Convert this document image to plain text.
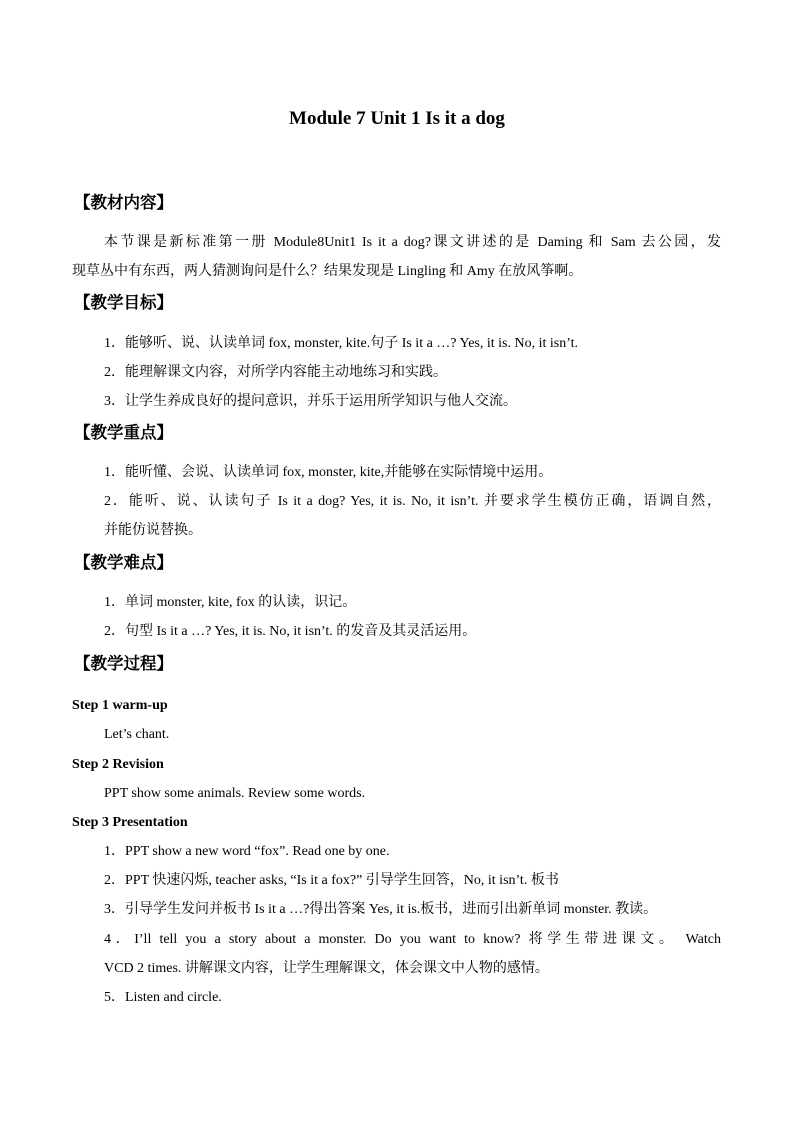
Module 7 Unit 1 Is it a dog
【教材内容】
本节课是新标准第一册 Module8Unit1 Is it a dog?课文讲述的是 Daming 和 Sam 去公园，发
现草丛中有东西，两人猜测询问是什么？结果发现是 Lingling 和 Amy 在放风筝啊。
【教学目标】
1．能够听、说、认读单词 fox, monster, kite.句子 Is it a …? Yes, it is. No, it isn’t.
2．能理解课文内容，对所学内容能主动地练习和实践。
3．让学生养成良好的提问意识，并乐于运用所学知识与他人交流。
【教学重点】
1．能听懂、会说、认读单词 fox, monster, kite,并能够在实际情境中运用。
2．能听、说、认读句子 Is it a dog? Yes, it is. No, it isn’t. 并要求学生模仿正确，语调自然，
并能仿说替换。
【教学难点】
1．单词 monster, kite, fox 的认读，识记。
2．句型 Is it a …? Yes, it is. No, it isn’t. 的发音及其灵活运用。
【教学过程】
Step 1 warm-up
Let’s chant.
Step 2 Revision
PPT show some animals. Review some words.
Step 3 Presentation
1．PPT show a new word “fox”. Read one by one.
2．PPT 快速闪烁, teacher asks, “Is it a fox?” 引导学生回答，No, it isn’t. 板书
3．引导学生发问并板书 Is it a …?得出答案 Yes, it is.板书，进而引出新单词 monster. 教读。
4．I’ll tell you a story about a monster. Do you want to know? 将学生带进课文。 Watch
VCD 2 times. 讲解课文内容，让学生理解课文，体会课文中人物的感情。
5．Listen and circle.
